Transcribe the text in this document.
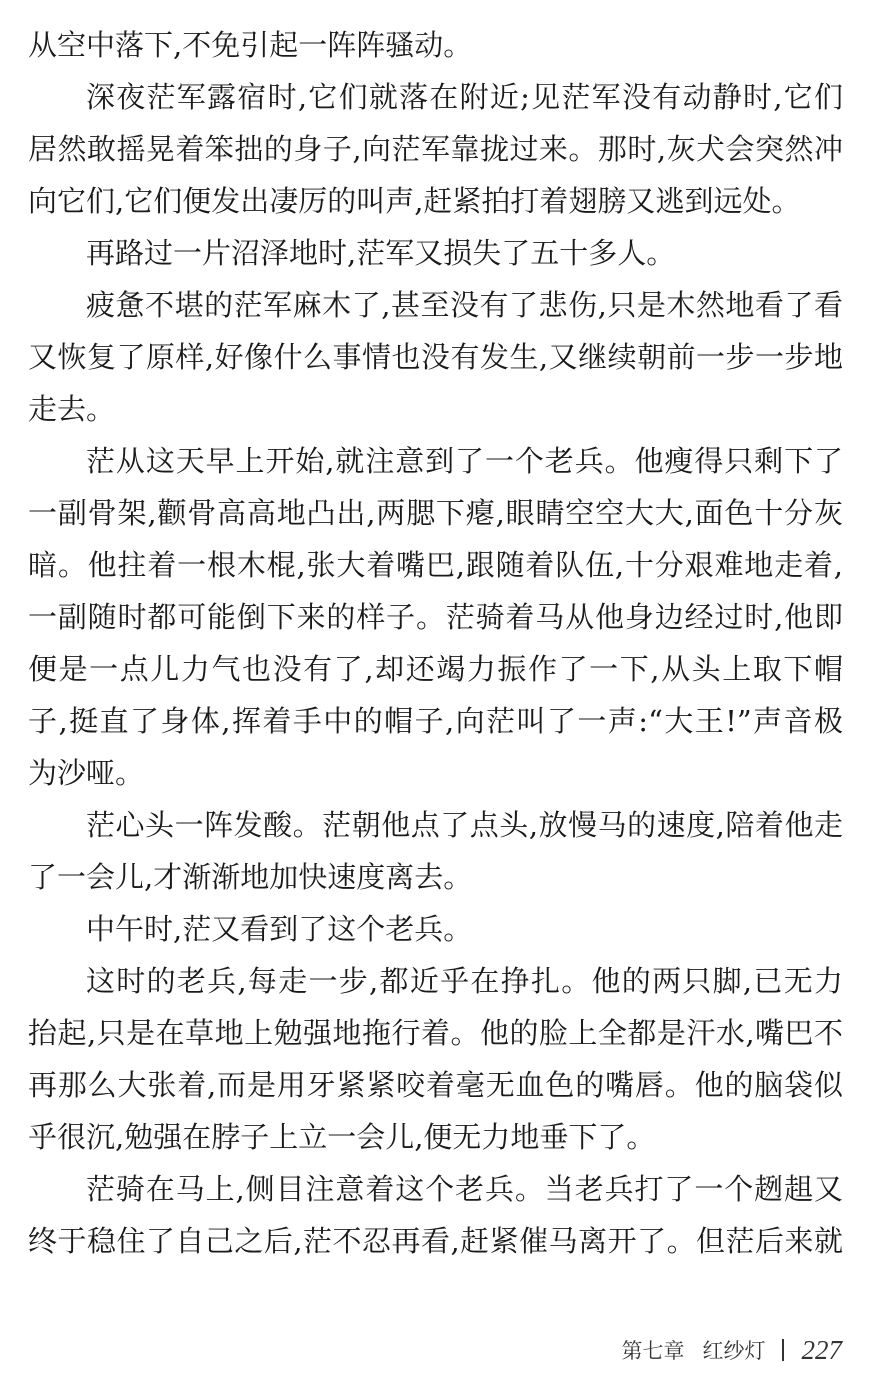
从空中落下,不免引起一阵阵骚动。
深夜茫军露宿时,它们就落在附近;见茫军没有动静时,它们
居然敢摇晃着笨拙的身子,向茫军靠拢过来。那时,灰犬会突然冲
向它们,它们便发出凄厉的叫声,赶紧拍打着翅膀又逃到远处。
再路过一片沼泽地时,茫军又损失了五十多人。
疲惫不堪的茫军麻木了,甚至没有了悲伤,只是木然地看了看
又恢复了原样,好像什么事情也没有发生,又继续朝前一步一步地
走去。
茫从这天早上开始,就注意到了一个老兵。他瘦得只剩下了
一副骨架,颧骨高高地凸出,两腮下瘪,眼睛空空大大,面色十分灰
暗。他拄着一根木棍,张大着嘴巴,跟随着队伍,十分艰难地走着,
一副随时都可能倒下来的样子。茫骑着马从他身边经过时,他即
便是一点儿力气也没有了,却还竭力振作了一下,从头上取下帽
子,挺直了身体,挥着手中的帽子,向茫叫了一声:“大王!”声音极
为沙哑。
茫心头一阵发酸。茫朝他点了点头,放慢马的速度,陪着他走
了一会儿,才渐渐地加快速度离去。
中午时,茫又看到了这个老兵。
这时的老兵,每走一步,都近乎在挣扎。他的两只脚,已无力
抬起,只是在草地上勉强地拖行着。他的脸上全都是汗水,嘴巴不
再那么大张着,而是用牙紧紧咬着毫无血色的嘴唇。他的脑袋似
乎很沉,勉强在脖子上立一会儿,便无力地垂下了。
茫骑在马上,侧目注意着这个老兵。当老兵打了一个趔趄又
终于稳住了自己之后,茫不忍再看,赶紧催马离开了。但茫后来就
第七章 红纱灯 227
